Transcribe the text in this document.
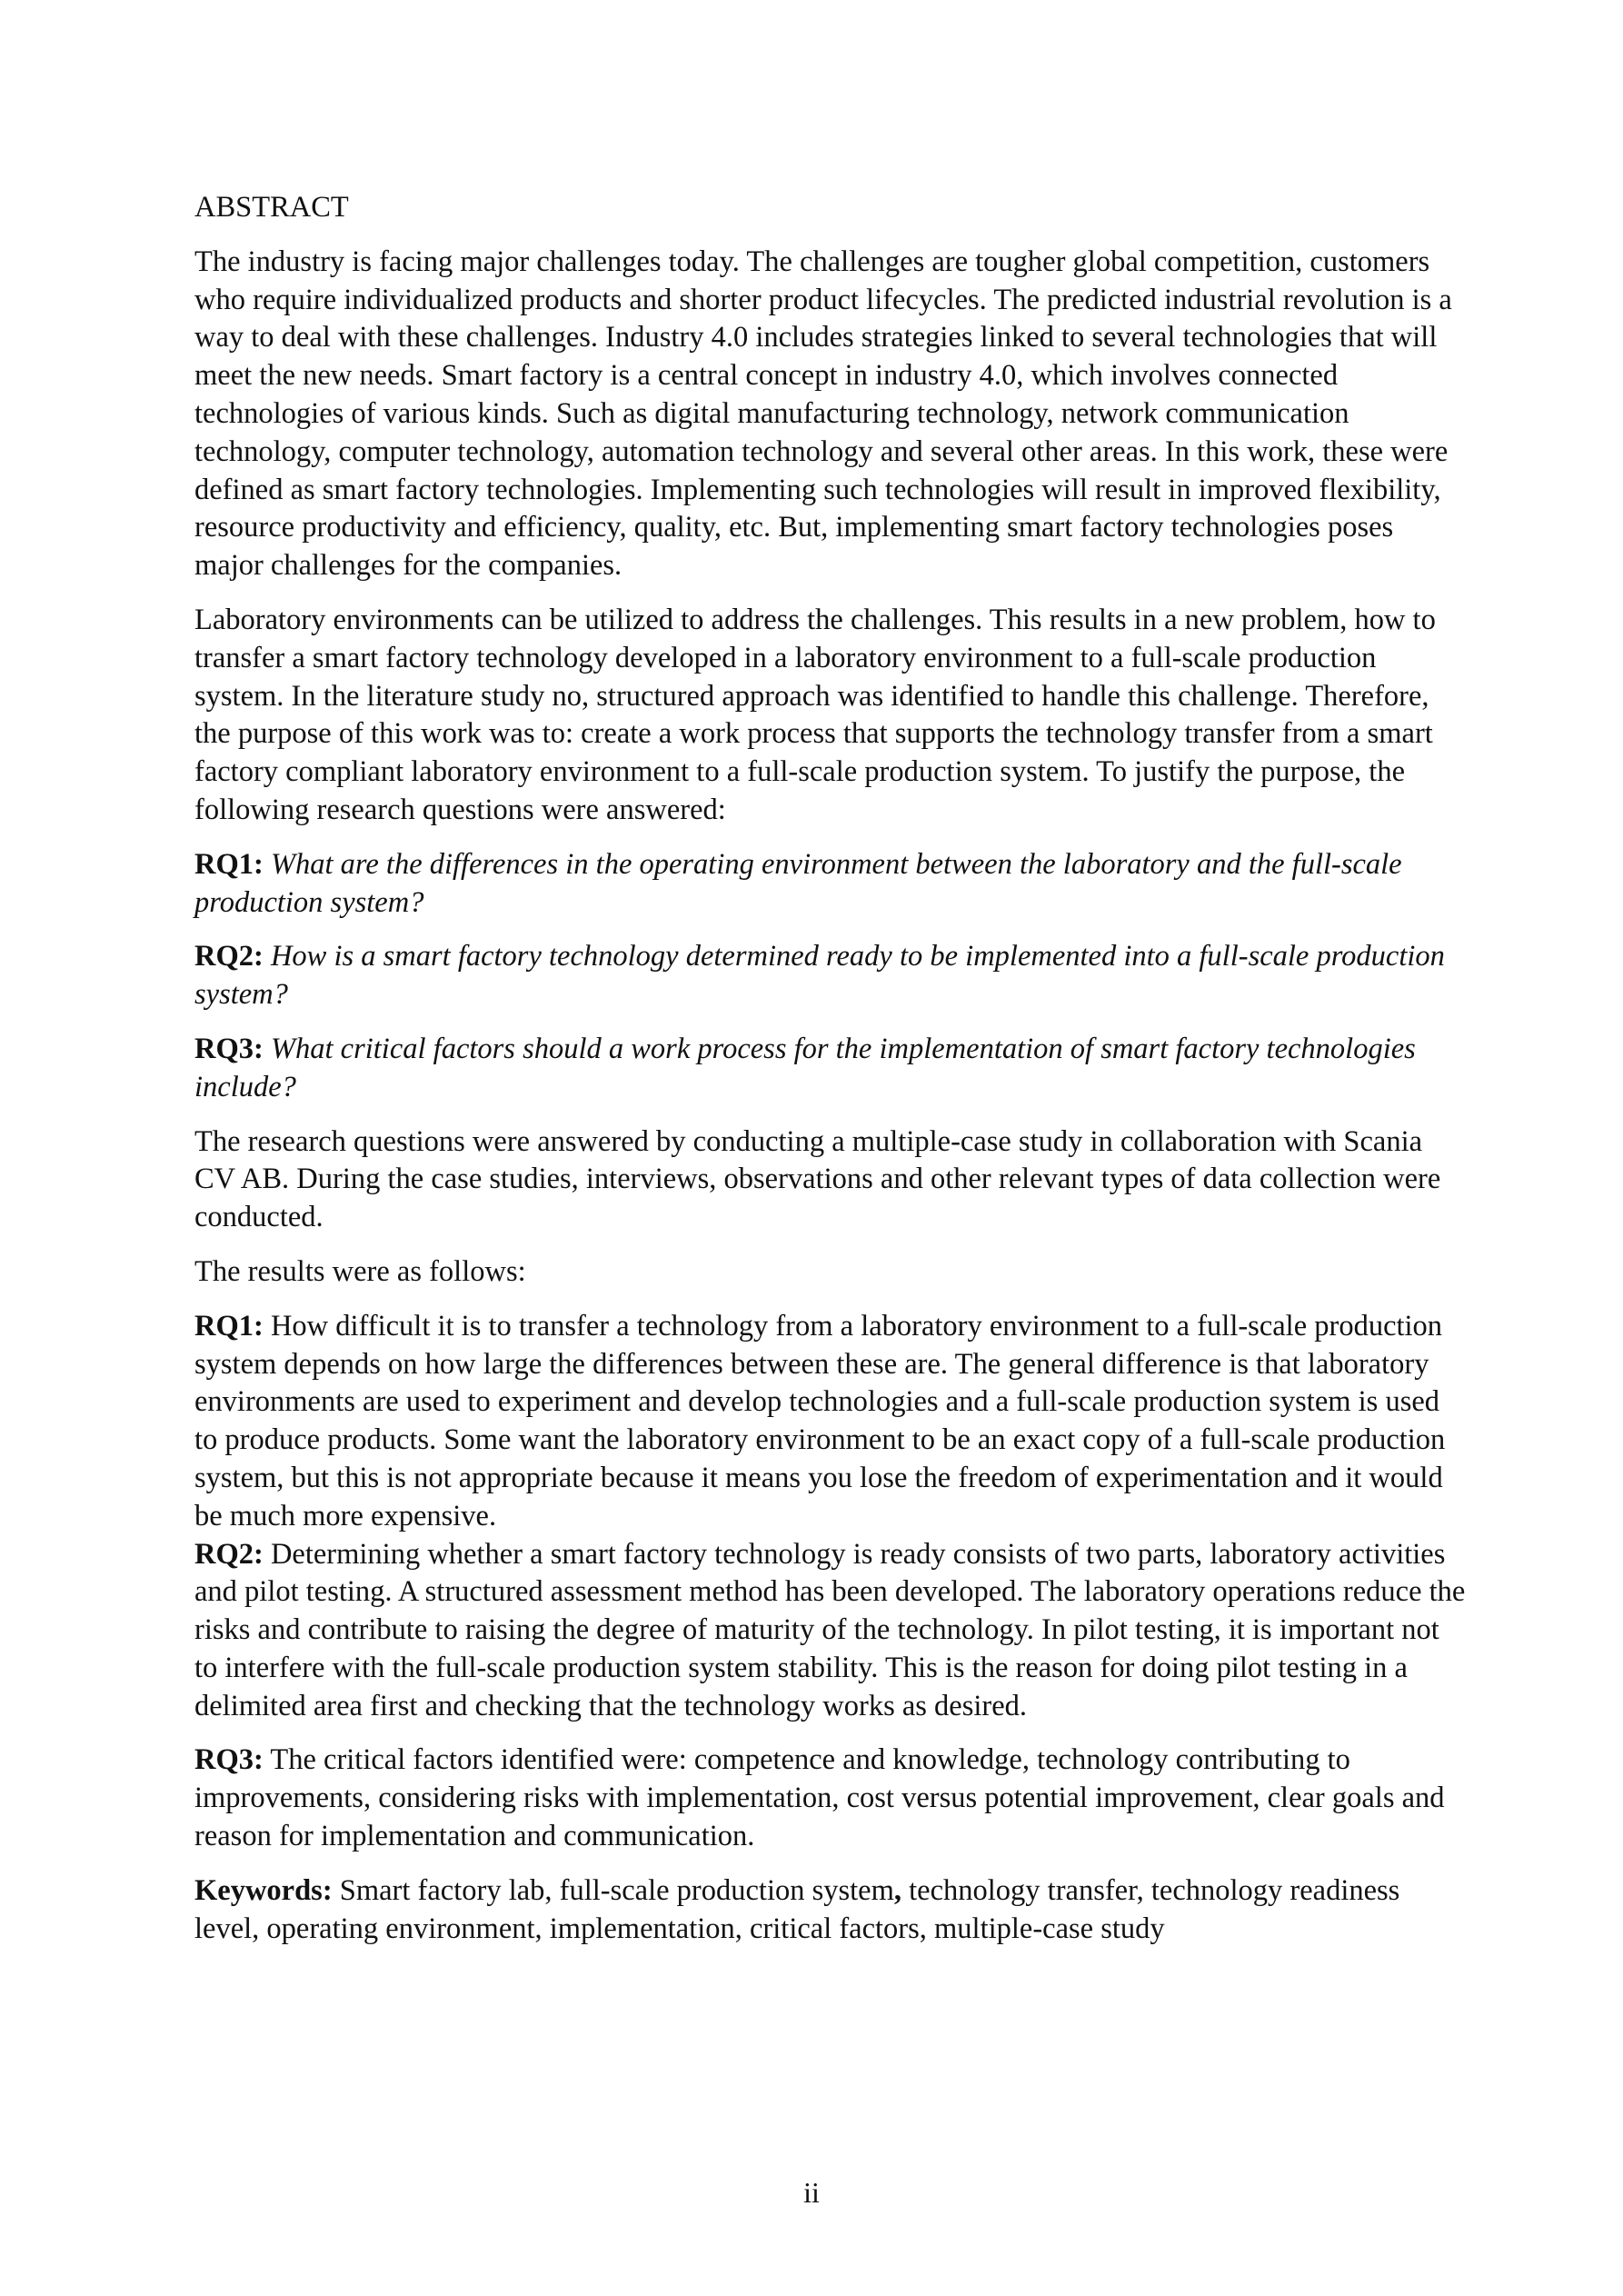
ABSTRACT

The industry is facing major challenges today. The challenges are tougher global competition, customers who require individualized products and shorter product lifecycles. The predicted industrial revolution is a way to deal with these challenges. Industry 4.0 includes strategies linked to several technologies that will meet the new needs. Smart factory is a central concept in industry 4.0, which involves connected technologies of various kinds. Such as digital manufacturing technology, network communication technology, computer technology, automation technology and several other areas. In this work, these were defined as smart factory technologies. Implementing such technologies will result in improved flexibility, resource productivity and efficiency, quality, etc. But, implementing smart factory technologies poses major challenges for the companies.

Laboratory environments can be utilized to address the challenges. This results in a new problem, how to transfer a smart factory technology developed in a laboratory environment to a full-scale production system. In the literature study no, structured approach was identified to handle this challenge. Therefore, the purpose of this work was to: create a work process that supports the technology transfer from a smart factory compliant laboratory environment to a full-scale production system. To justify the purpose, the following research questions were answered:

RQ1: What are the differences in the operating environment between the laboratory and the full-scale production system?

RQ2: How is a smart factory technology determined ready to be implemented into a full-scale production system?

RQ3: What critical factors should a work process for the implementation of smart factory technologies include?

The research questions were answered by conducting a multiple-case study in collaboration with Scania CV AB. During the case studies, interviews, observations and other relevant types of data collection were conducted.

The results were as follows:

RQ1: How difficult it is to transfer a technology from a laboratory environment to a full-scale production system depends on how large the differences between these are. The general difference is that laboratory environments are used to experiment and develop technologies and a full-scale production system is used to produce products. Some want the laboratory environment to be an exact copy of a full-scale production system, but this is not appropriate because it means you lose the freedom of experimentation and it would be much more expensive.

RQ2: Determining whether a smart factory technology is ready consists of two parts, laboratory activities and pilot testing. A structured assessment method has been developed. The laboratory operations reduce the risks and contribute to raising the degree of maturity of the technology. In pilot testing, it is important not to interfere with the full-scale production system stability. This is the reason for doing pilot testing in a delimited area first and checking that the technology works as desired.

RQ3: The critical factors identified were: competence and knowledge, technology contributing to improvements, considering risks with implementation, cost versus potential improvement, clear goals and reason for implementation and communication.

Keywords: Smart factory lab, full-scale production system, technology transfer, technology readiness level, operating environment, implementation, critical factors, multiple-case study

ii
